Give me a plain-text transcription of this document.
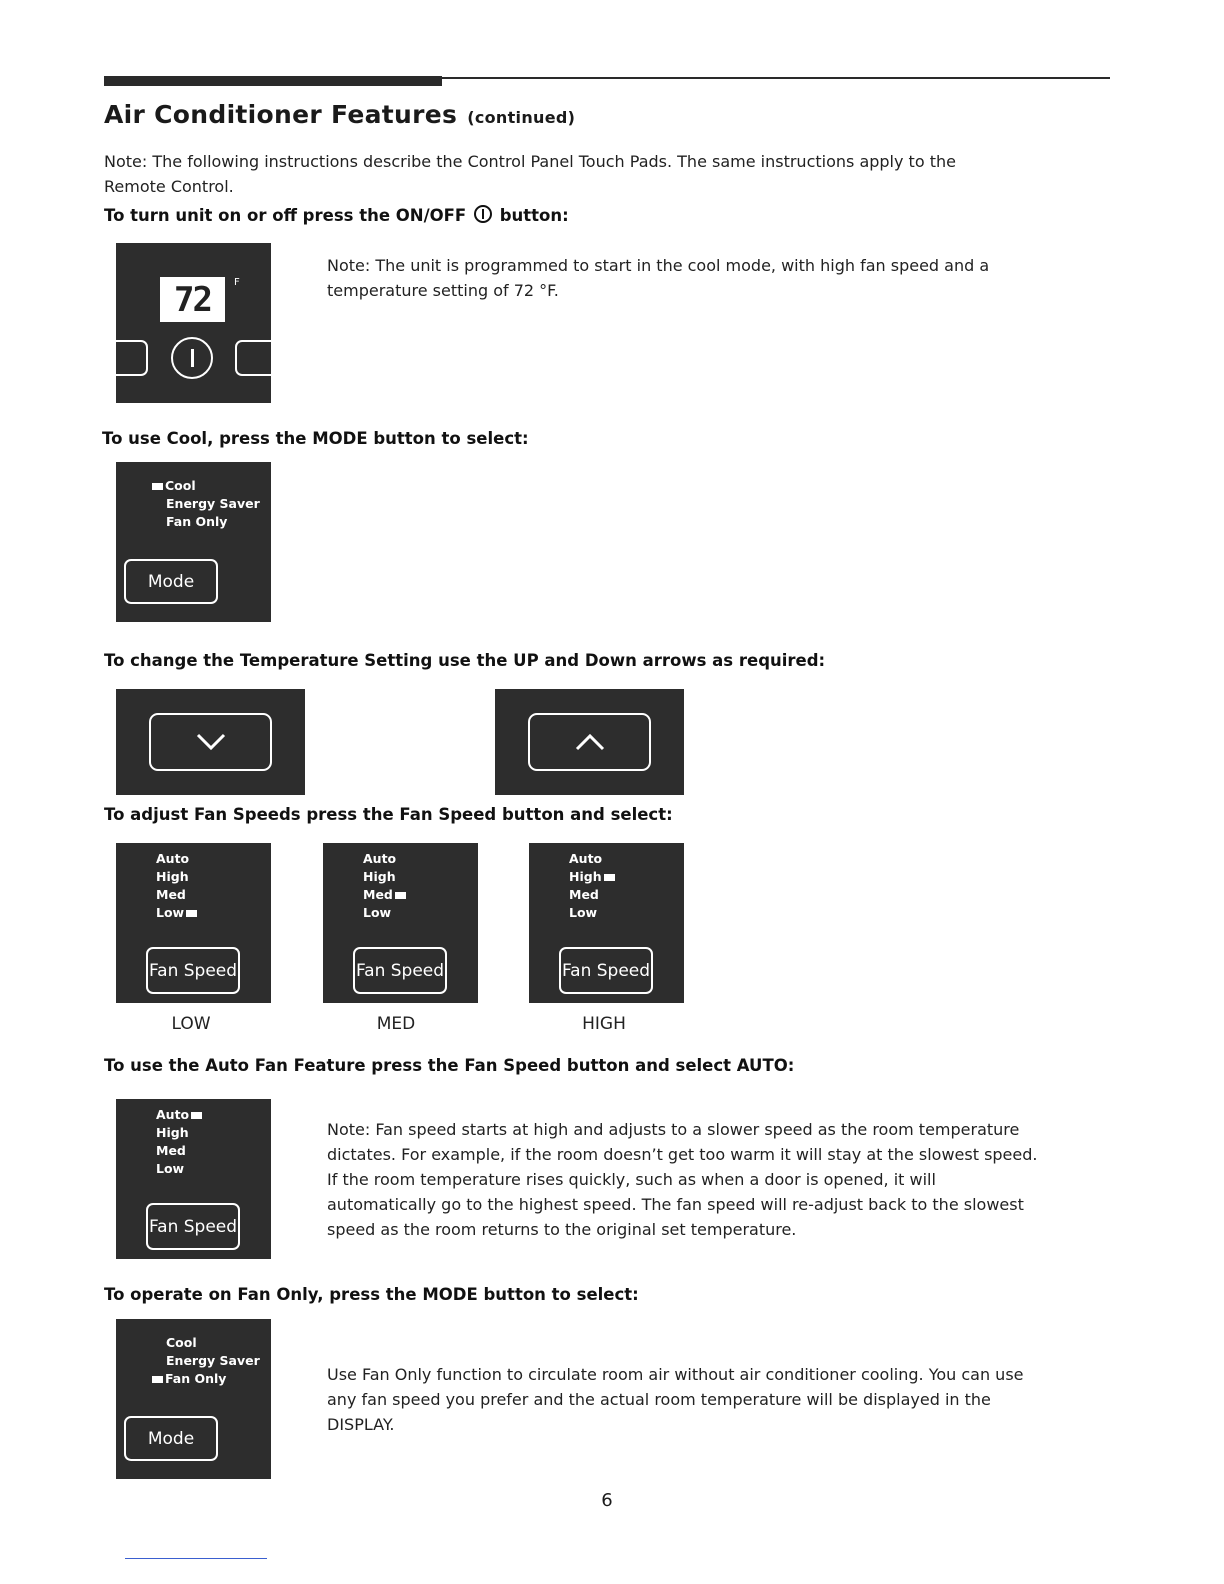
Air Conditioner Features (continued)
Note: The following instructions describe the Control Panel Touch Pads. The same instructions apply to the Remote Control.
To turn unit on or off press the ON/OFF button:
72 F
Note: The unit is programmed to start in the cool mode, with high fan speed and a temperature setting of 72 °F.
To use Cool, press the MODE button to select:
Cool
Energy Saver
Fan Only
Mode
To change the Temperature Setting use the UP and Down arrows as required:
To adjust Fan Speeds press the Fan Speed button and select:
Auto
High
Med
Low
Fan Speed
Auto
High
Med
Low
Fan Speed
Auto
High
Med
Low
Fan Speed
LOW	MED	HIGH
To use the Auto Fan Feature press the Fan Speed button and select AUTO:
Auto
High
Med
Low
Fan Speed
Note: Fan speed starts at high and adjusts to a slower speed as the room temperature dictates. For example, if the room doesn’t get too warm it will stay at the slowest speed. If the room temperature rises quickly, such as when a door is opened, it will automatically go to the highest speed. The fan speed will re-adjust back to the slowest speed as the room returns to the original set temperature.
To operate on Fan Only, press the MODE button to select:
Cool
Energy Saver
Fan Only
Mode
Use Fan Only function to circulate room air without air conditioner cooling. You can use any fan speed you prefer and the actual room temperature will be displayed in the DISPLAY.
6
